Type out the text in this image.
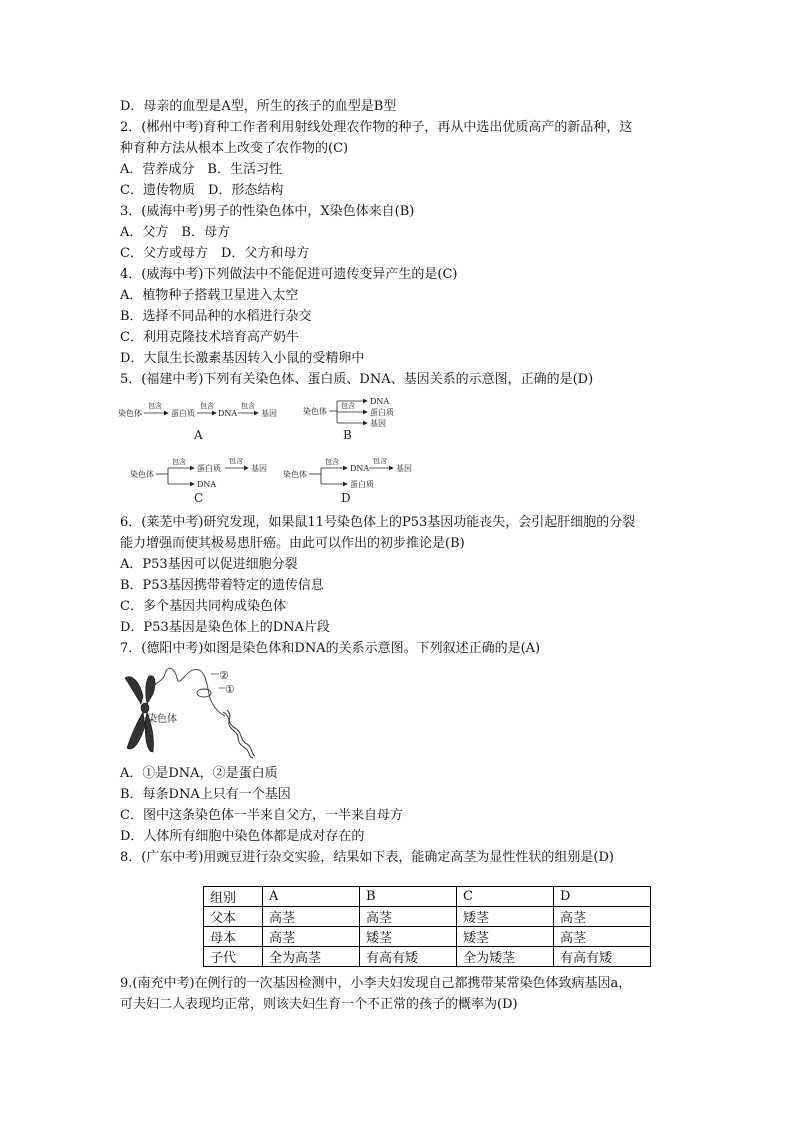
D．母亲的血型是A型，所生的孩子的血型是B型
2．(郴州中考)育种工作者利用射线处理农作物的种子，再从中选出优质高产的新品种，这
种育种方法从根本上改变了农作物的(C)
A．营养成分　B．生活习性
C．遗传物质　D．形态结构
3．(威海中考)男子的性染色体中，X染色体来自(B)
A．父方　B．母方
C．父方或母方　D．父方和母方
4．(威海中考)下列做法中不能促进可遗传变异产生的是(C)
A．植物种子搭载卫星进入太空
B．选择不同品种的水稻进行杂交
C．利用克隆技术培育高产奶牛
D．大鼠生长激素基因转入小鼠的受精卵中
5．(福建中考)下列有关染色体、蛋白质、DNA、基因关系的示意图，正确的是(D)
6．(莱芜中考)研究发现，如果鼠11号染色体上的P53基因功能丧失，会引起肝细胞的分裂
能力增强而使其极易患肝癌。由此可以作出的初步推论是(B)
A．P53基因可以促进细胞分裂
B．P53基因携带着特定的遗传信息
C．多个基因共同构成染色体
D．P53基因是染色体上的DNA片段
7．(德阳中考)如图是染色体和DNA的关系示意图。下列叙述正确的是(A)
A．①是DNA，②是蛋白质
B．每条DNA上只有一个基因
C．图中这条染色体一半来自父方，一半来自母方
D．人体所有细胞中染色体都是成对存在的
8．(广东中考)用豌豆进行杂交实验，结果如下表，能确定高茎为显性性状的组别是(D)
9.(南充中考)在例行的一次基因检测中，小李夫妇发现自己都携带某常染色体致病基因a，
可夫妇二人表现均正常，则该夫妇生育一个不正常的孩子的概率为(D)
染色体
包含
蛋白质
包含
DNA
包含
基因
A
染色体
包含 DNA
蛋白质
基因
B
染色体
包含
蛋白质
DNA
包含
基因
C
染色体
包含
DNA
蛋白质
包含
基因
D
②
①
染色体
组别	A	B	C	D
父本	高茎	高茎	矮茎	高茎
母本	高茎	矮茎	矮茎	高茎
子代	全为高茎	有高有矮	全为矮茎	有高有矮
